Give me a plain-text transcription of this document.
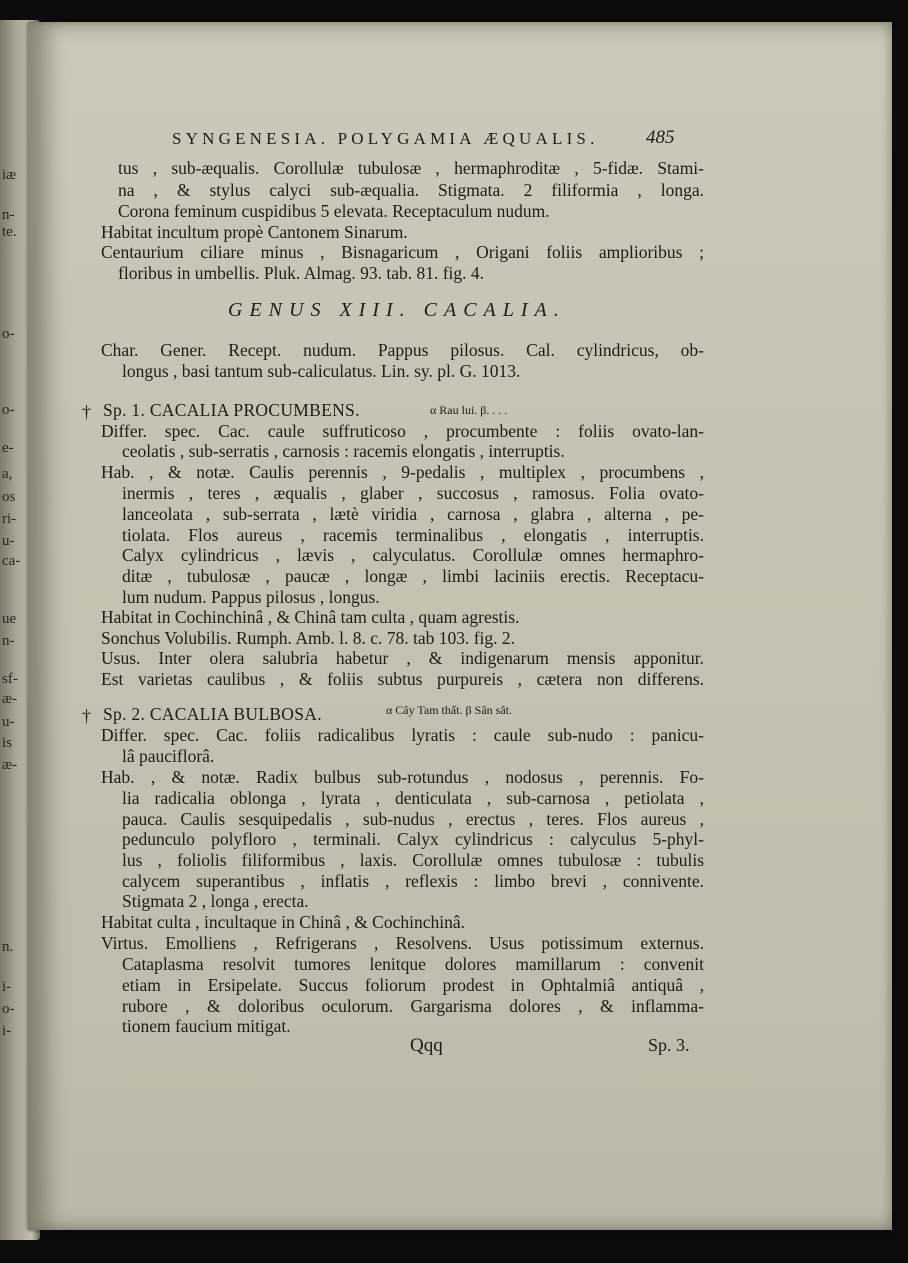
iæ
n-
te.
o-
o-
e-
a,
os
ri-
u-
ca-
ue
n-
sf-
æ-
u-
is
æ-
n.
i-
o-
i-
SYNGENESIA. POLYGAMIA ÆQUALIS. 485
tus , sub-æqualis. Corollulæ tubulosæ , hermaphroditæ , 5-fidæ. Stami-
na , & stylus calyci sub-æqualia. Stigmata. 2 filiformia , longa.
Corona feminum cuspidibus 5 elevata. Receptaculum nudum.
Habitat incultum propè Cantonem Sinarum.
Centaurium ciliare minus , Bisnagaricum , Origani foliis amplioribus ;
floribus in umbellis. Pluk. Almag. 93. tab. 81. fig. 4.
GENUS XIII. CACALIA.
Char. Gener. Recept. nudum. Pappus pilosus. Cal. cylindricus, ob-
longus , basi tantum sub-caliculatus. Lin. sy. pl. G. 1013.
† Sp. 1. CACALIA PROCUMBENS.	α Rau lui. β. . . .
Differ. spec. Cac. caule suffruticoso , procumbente : foliis ovato-lan-
ceolatis , sub-serratis , carnosis : racemis elongatis , interruptis.
Hab. , & notæ. Caulis perennis , 9-pedalis , multiplex , procumbens ,
inermis , teres , æqualis , glaber , succosus , ramosus. Folia ovato-
lanceolata , sub-serrata , lætè viridia , carnosa , glabra , alterna , pe-
tiolata. Flos aureus , racemis terminalibus , elongatis , interruptis.
Calyx cylindricus , lævis , calyculatus. Corollulæ omnes hermaphro-
ditæ , tubulosæ , paucæ , longæ , limbi laciniis erectis. Receptacu-
lum nudum. Pappus pilosus , longus.
Habitat in Cochinchinâ , & Chinâ tam culta , quam agrestis.
Sonchus Volubilis. Rumph. Amb. l. 8. c. 78. tab 103. fig. 2.
Usus. Inter olera salubria habetur , & indigenarum mensis apponitur.
Est varietas caulibus , & foliis subtus purpureis , cætera non differens.
† Sp. 2. CACALIA BULBOSA.	α Cây Tam thất. β Sân sât.
Differ. spec. Cac. foliis radicalibus lyratis : caule sub-nudo : panicu-
lâ pauciflorâ.
Hab. , & notæ. Radix bulbus sub-rotundus , nodosus , perennis. Fo-
lia radicalia oblonga , lyrata , denticulata , sub-carnosa , petiolata ,
pauca. Caulis sesquipedalis , sub-nudus , erectus , teres. Flos aureus ,
pedunculo polyfloro , terminali. Calyx cylindricus : calyculus 5-phyl-
lus , foliolis filiformibus , laxis. Corollulæ omnes tubulosæ : tubulis
calycem superantibus , inflatis , reflexis : limbo brevi , connivente.
Stigmata 2 , longa , erecta.
Habitat culta , incultaque in Chinâ , & Cochinchinâ.
Virtus. Emolliens , Refrigerans , Resolvens. Usus potissimum externus.
Cataplasma resolvit tumores lenitque dolores mamillarum : convenit
etiam in Ersipelate. Succus foliorum prodest in Ophtalmiâ antiquâ ,
rubore , & doloribus oculorum. Gargarisma dolores , & inflamma-
tionem faucium mitigat.
Qqq	Sp. 3.
